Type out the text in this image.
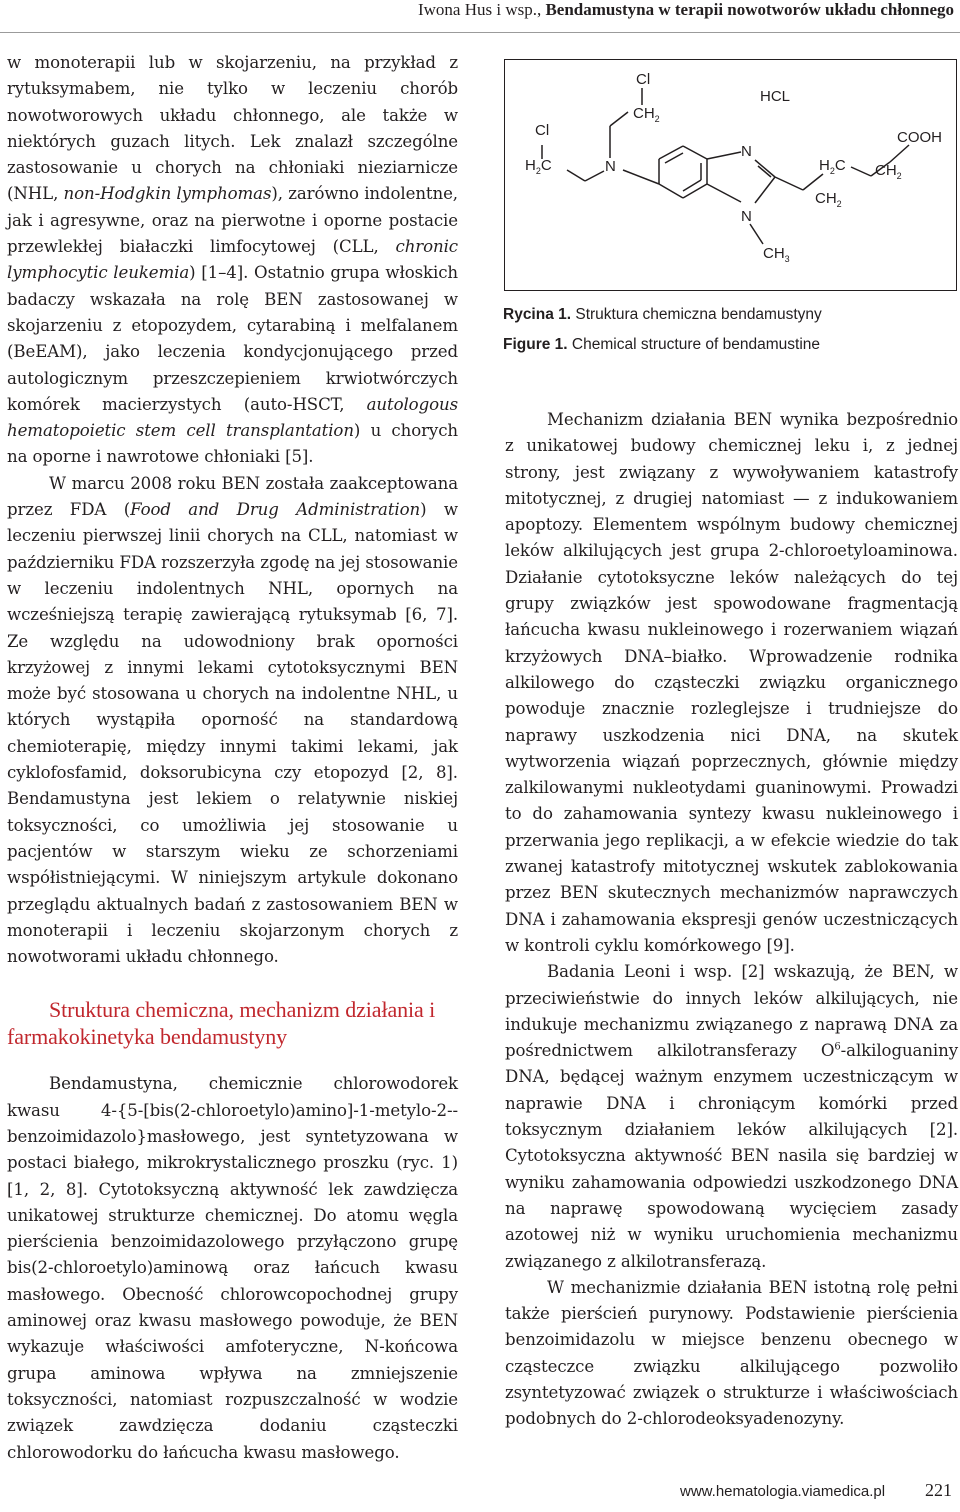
Iwona Hus i wsp., Bendamustyna w terapii nowotworów układu chłonnego

w monoterapii lub w skojarzeniu, na przykład z rytuksymabem, nie tylko w leczeniu chorób nowotworowych układu chłonnego, ale także w niektórych guzach litych. Lek znalazł szczególne zastosowanie u chorych na chłoniaki nieziarnicze (NHL, non-Hodgkin lymphomas), zarówno indolentne, jak i agresywne, oraz na pierwotne i oporne postacie przewlekłej białaczki limfocytowej (CLL, chronic lymphocytic leukemia) [1–4]. Ostatnio grupa włoskich badaczy wskazała na rolę BEN zastosowanej w skojarzeniu z etopozydem, cytarabiną i melfalanem (BeEAM), jako leczenia kondycjonującego przed autologicznym przeszczepieniem krwiotwórczych komórek macierzystych (auto-HSCT, autologous hematopoietic stem cell transplantation) u chorych na oporne i nawrotowe chłoniaki [5].

W marcu 2008 roku BEN została zaakceptowana przez FDA (Food and Drug Administration) w leczeniu pierwszej linii chorych na CLL, natomiast w październiku FDA rozszerzyła zgodę na jej stosowanie w leczeniu indolentnych NHL, opornych na wcześniejszą terapię zawierającą rytuksymab [6, 7]. Ze względu na udowodniony brak oporności krzyżowej z innymi lekami cytotoksycznymi BEN może być stosowana u chorych na indolentne NHL, u których wystąpiła oporność na standardową chemioterapię, między innymi takimi lekami, jak cyklofosfamid, doksorubicyna czy etopozyd [2, 8]. Bendamustyna jest lekiem o relatywnie niskiej toksyczności, co umożliwia jej stosowanie u pacjentów w starszym wieku ze schorzeniami współistniejącymi. W niniejszym artykule dokonano przeglądu aktualnych badań z zastosowaniem BEN w monoterapii i leczeniu skojarzonym chorych z nowotworami układu chłonnego.

Struktura chemiczna, mechanizm działania i farmakokinetyka bendamustyny

Bendamustyna, chemicznie chlorowodorek kwasu 4-{5-[bis(2-chloroetylo)amino]-1-metylo-2--benzoimidazolo}masłowego, jest syntetyzowana w postaci białego, mikrokrystalicznego proszku (ryc. 1) [1, 2, 8]. Cytotoksyczną aktywność lek zawdzięcza unikatowej strukturze chemicznej. Do atomu węgla pierścienia benzoimidazolowego przyłączono grupę bis(2-chloroetylo)aminową oraz łańcuch kwasu masłowego. Obecność chlorowcopochodnej grupy aminowej oraz kwasu masłowego powoduje, że BEN wykazuje właściwości amfoteryczne, N-końcowa grupa aminowa wpływa na zmniejszenie toksyczności, natomiast rozpuszczalność w wodzie związek zawdzięcza dodaniu cząsteczki chlorowodorku do łańcucha kwasu masłowego.

Cl
$H_2C$
Cl
$CH_2$
N
HCL
N
N
$CH_3$
$H_2C$
$CH_2$
$CH_2$
COOH
Rycina 1. Struktura chemiczna bendamustyny
Figure 1. Chemical structure of bendamustine

Mechanizm działania BEN wynika bezpośrednio z unikatowej budowy chemicznej leku i, z jednej strony, jest związany z wywoływaniem katastrofy mitotycznej, z drugiej natomiast — z indukowaniem apoptozy. Elementem wspólnym budowy chemicznej leków alkilujących jest grupa 2-chloroetyloaminowa. Działanie cytotoksyczne leków należących do tej grupy związków jest spowodowane fragmentacją łańcucha kwasu nukleinowego i rozerwaniem wiązań krzyżowych DNA–białko. Wprowadzenie rodnika alkilowego do cząsteczki związku organicznego powoduje znacznie rozleglejsze i trudniejsze do naprawy uszkodzenia nici DNA, na skutek wytworzenia wiązań poprzecznych, głównie między zalkilowanymi nukleotydami guaninowymi. Prowadzi to do zahamowania syntezy kwasu nukleinowego i przerwania jego replikacji, a w efekcie wiedzie do tak zwanej katastrofy mitotycznej wskutek zablokowania przez BEN skutecznych mechanizmów naprawczych DNA i zahamowania ekspresji genów uczestniczących w kontroli cyklu komórkowego [9].

Badania Leoni i wsp. [2] wskazują, że BEN, w przeciwieństwie do innych leków alkilujących, nie indukuje mechanizmu związanego z naprawą DNA za pośrednictwem alkilotransferazy $O^6$-alkiloguaniny DNA, będącej ważnym enzymem uczestniczącym w naprawie DNA i chroniącym komórki przed toksycznym działaniem leków alkilujących [2]. Cytotoksyczna aktywność BEN nasila się bardziej w wyniku zahamowania odpowiedzi uszkodzonego DNA na naprawę spowodowaną wycięciem zasady azotowej niż w wyniku uruchomienia mechanizmu związanego z alkilotransferazą.

W mechanizmie działania BEN istotną rolę pełni także pierścień purynowy. Podstawienie pierścienia benzoimidazolu w miejsce benzenu obecnego w cząsteczce związku alkilującego pozwoliło zsyntetyzować związek o strukturze i właściwościach podobnych do 2-chlorodeoksyadenozyny.

www.hematologia.viamedica.pl 221
